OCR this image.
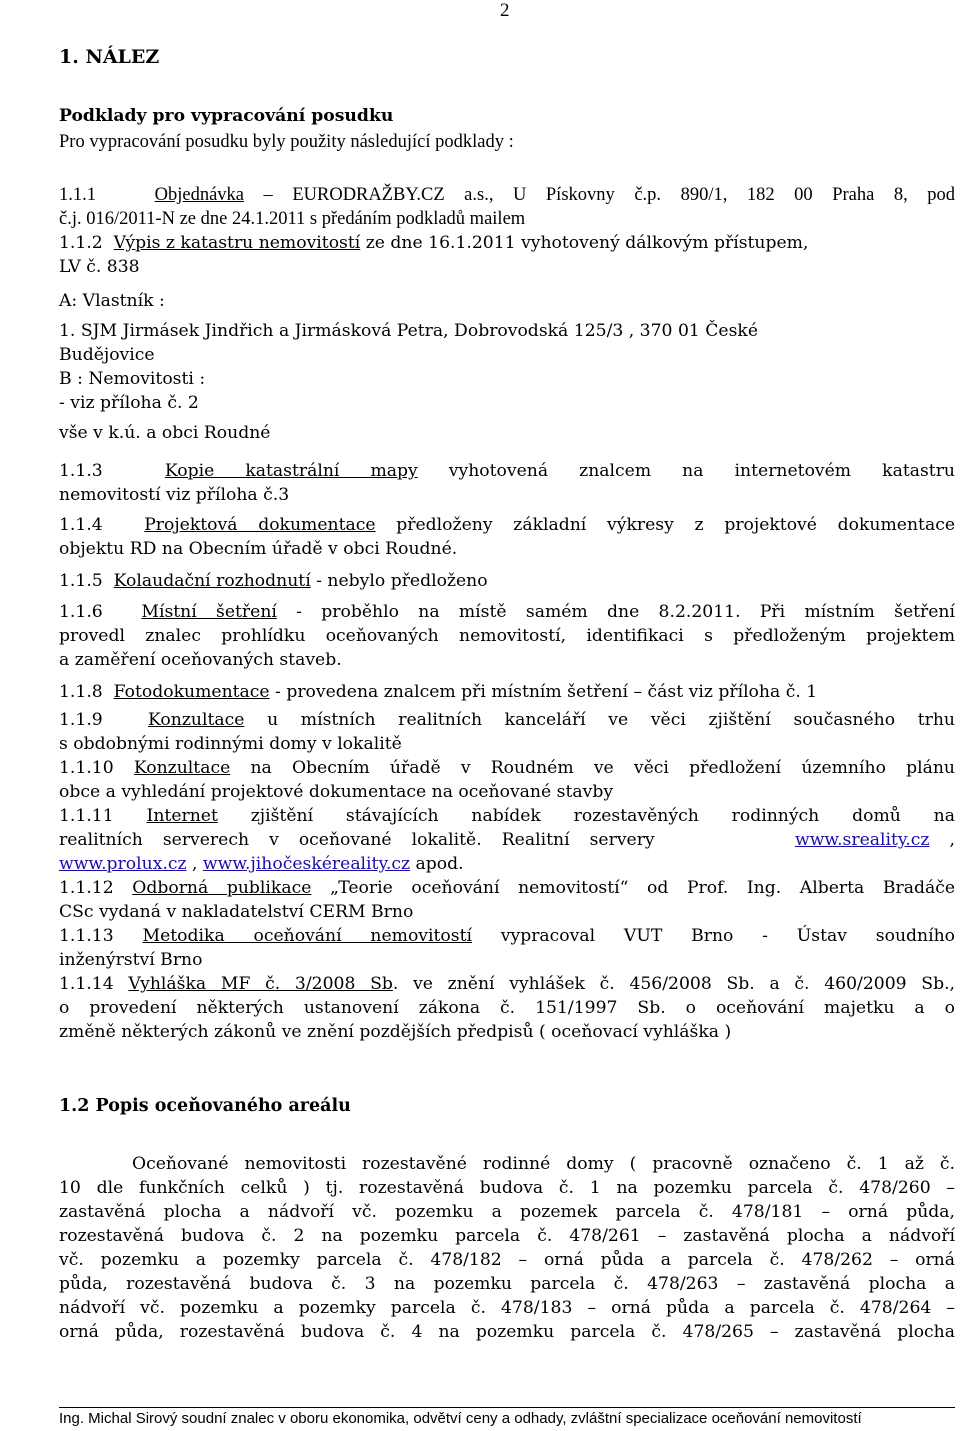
2
1. NÁLEZ
Podklady pro vypracování posudku
Pro vypracování posudku byly použity následující podklady :
1.1.1	Objednávka – EURODRAŽBY.CZ a.s., U Pískovny č.p. 890/1, 182 00 Praha 8, pod
č.j. 016/2011-N ze dne 24.1.2011 s předáním podkladů mailem
1.1.2 Výpis z katastru nemovitostí ze dne 16.1.2011 vyhotovený dálkovým přístupem,
LV č. 838
A: Vlastník :
1. SJM Jirmásek Jindřich a Jirmásková Petra, Dobrovodská 125/3 , 370 01 České
Budějovice
B : Nemovitosti :
- viz příloha č. 2
vše v k.ú. a obci Roudné
1.1.3	Kopie katastrální mapy vyhotovená znalcem na internetovém katastru
nemovitostí viz příloha č.3
1.1.4 Projektová dokumentace předloženy základní výkresy z projektové dokumentace
objektu RD na Obecním úřadě v obci Roudné.
1.1.5 Kolaudační rozhodnutí - nebylo předloženo
1.1.6 Místní šetření - proběhlo na místě samém dne 8.2.2011. Při místním šetření
provedl znalec prohlídku oceňovaných nemovitostí, identifikaci s předloženým projektem
a zaměření oceňovaných staveb.
1.1.8 Fotodokumentace - provedena znalcem při místním šetření – část viz příloha č. 1
1.1.9	Konzultace u místních realitních kanceláří ve věci zjištění současného trhu
s obdobnými rodinnými domy v lokalitě
1.1.10 Konzultace na Obecním úřadě v Roudném ve věci předložení územního plánu
obce a vyhledání projektové dokumentace na oceňované stavby
1.1.11 Internet zjištění stávajících nabídek rozestavěných rodinných domů na
realitních serverech v oceňované lokalitě. Realitní servery	www.sreality.cz ,
www.prolux.cz , www.jihočeskéreality.cz apod.
1.1.12 Odborná publikace „Teorie oceňování nemovitostí“ od Prof. Ing. Alberta Bradáče
CSc vydaná v nakladatelství CERM Brno
1.1.13 Metodika oceňování nemovitostí vypracoval VUT Brno - Ústav soudního
inženýrství Brno
1.1.14 Vyhláška MF č. 3/2008 Sb. ve znění vyhlášek č. 456/2008 Sb. a č. 460/2009 Sb.,
o provedení některých ustanovení zákona č. 151/1997 Sb. o oceňování majetku a o
změně některých zákonů ve znění pozdějších předpisů ( oceňovací vyhláška )
1.2 Popis oceňovaného areálu
Oceňované nemovitosti rozestavěné rodinné domy ( pracovně označeno č. 1 až č.
10 dle funkčních celků ) tj. rozestavěná budova č. 1 na pozemku parcela č. 478/260 –
zastavěná plocha a nádvoří vč. pozemku a pozemek parcela č. 478/181 – orná půda,
rozestavěná budova č. 2 na pozemku parcela č. 478/261 – zastavěná plocha a nádvoří
vč. pozemku a pozemky parcela č. 478/182 – orná půda a parcela č. 478/262 – orná
půda, rozestavěná budova č. 3 na pozemku parcela č. 478/263 – zastavěná plocha a
nádvoří vč. pozemku a pozemky parcela č. 478/183 – orná půda a parcela č. 478/264 –
orná půda, rozestavěná budova č. 4 na pozemku parcela č. 478/265 – zastavěná plocha
Ing. Michal Sirový soudní znalec v oboru ekonomika, odvětví ceny a odhady, zvláštní specializace oceňování nemovitostí
